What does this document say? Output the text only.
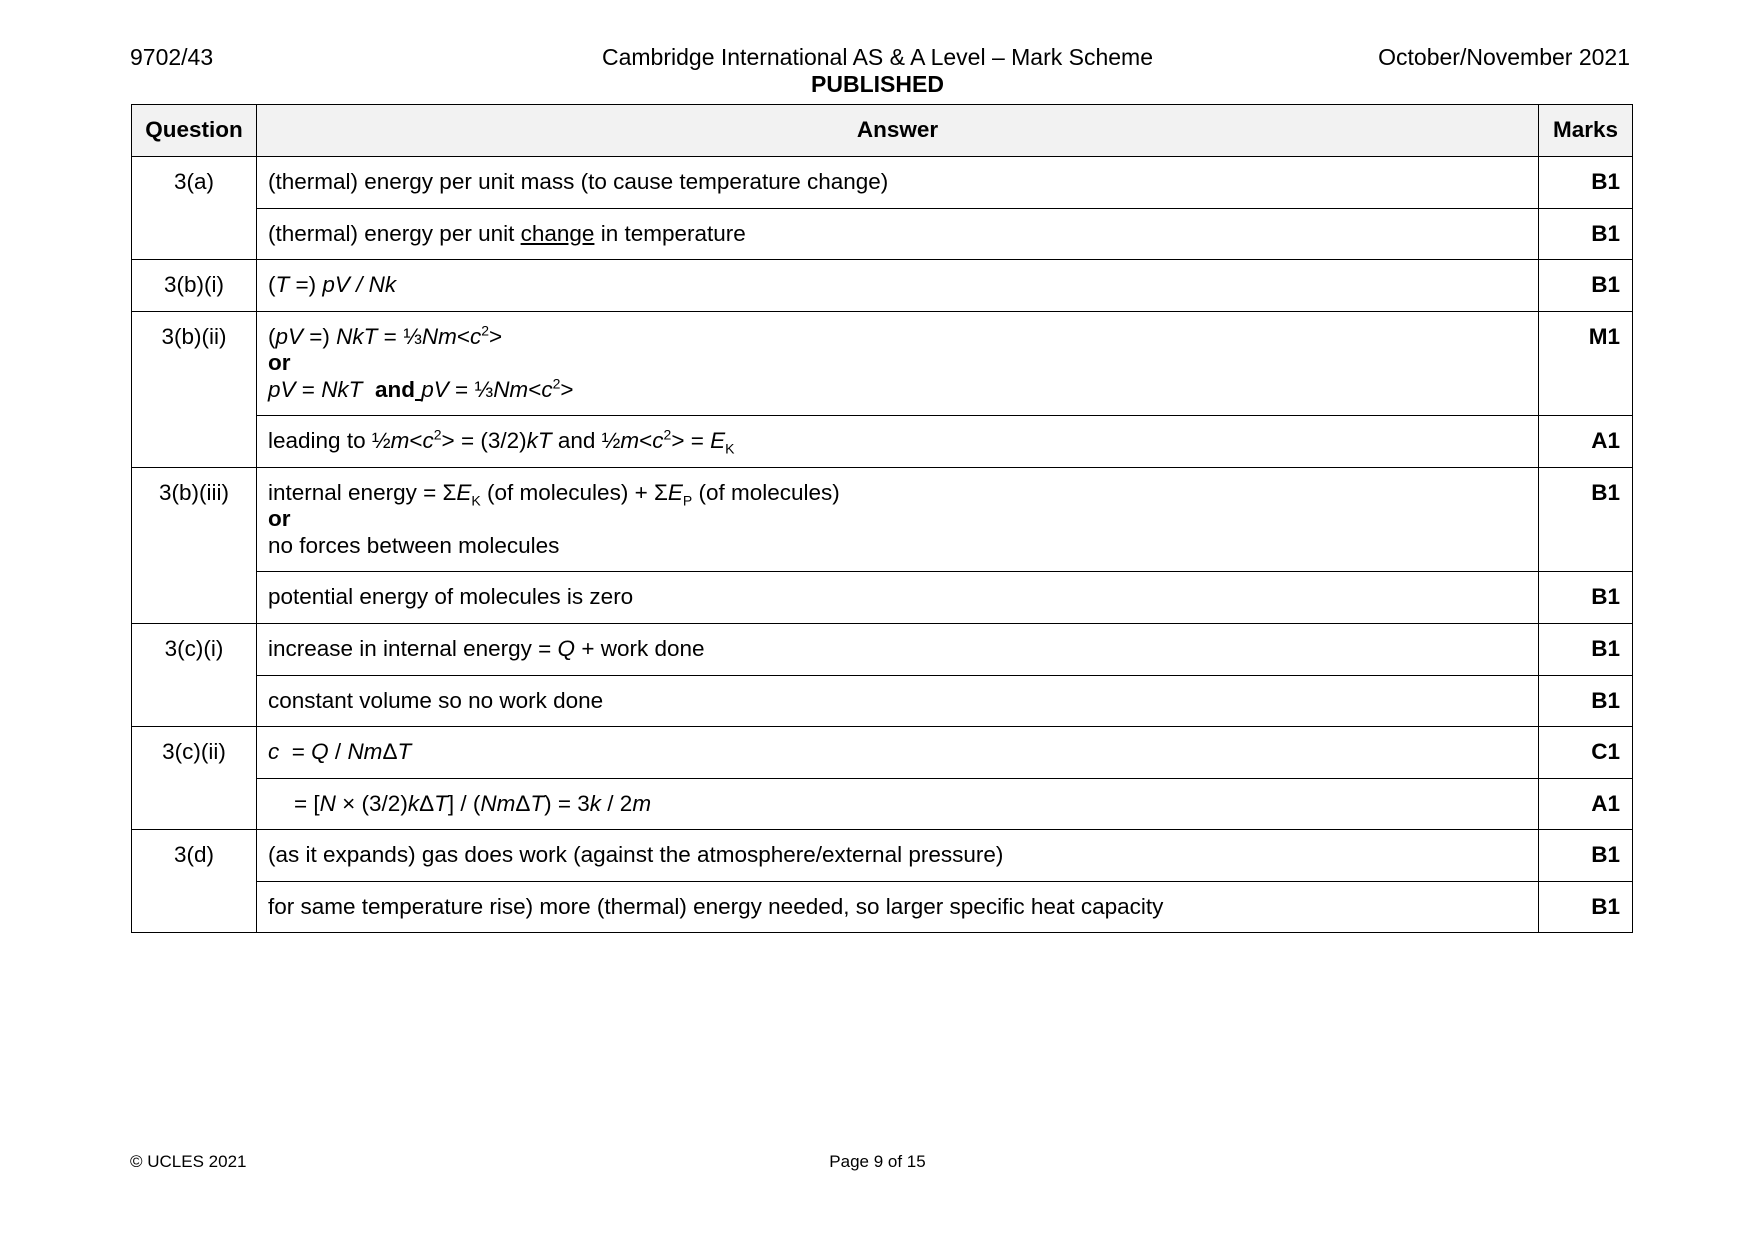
9702/43	Cambridge International AS & A Level – Mark Scheme
PUBLISHED
October/November 2021
Question	Answer	Marks
3(a)	(thermal) energy per unit mass (to cause temperature change)	B1
	(thermal) energy per unit change in temperature	B1
3(b)(i)	(T =) pV / Nk	B1
3(b)(ii)	(pV =) NkT = $\frac{1}{3}Nm<c^2>$
or
pV = NkT and pV = $\frac{1}{3}Nm<c^2>$	M1
	leading to $\frac{1}{2}m<c^2> = (3/2)kT$ and $\frac{1}{2}m<c^2> = E_K$	A1
3(b)(iii)	internal energy = $\Sigma E_K$ (of molecules) + $\Sigma E_P$ (of molecules)
or
no forces between molecules	B1
	potential energy of molecules is zero	B1
3(c)(i)	increase in internal energy = Q + work done	B1
	constant volume so no work done	B1
3(c)(ii)	c  = Q / NmΔT	C1

	= [N × (3/2)kΔT] / (NmΔT) = 3k / 2m	A1
3(d)	(as it expands) gas does work (against the atmosphere/external pressure)	B1
	for same temperature rise) more (thermal) energy needed, so larger specific heat capacity	B1
© UCLES 2021	Page 9 of 15
